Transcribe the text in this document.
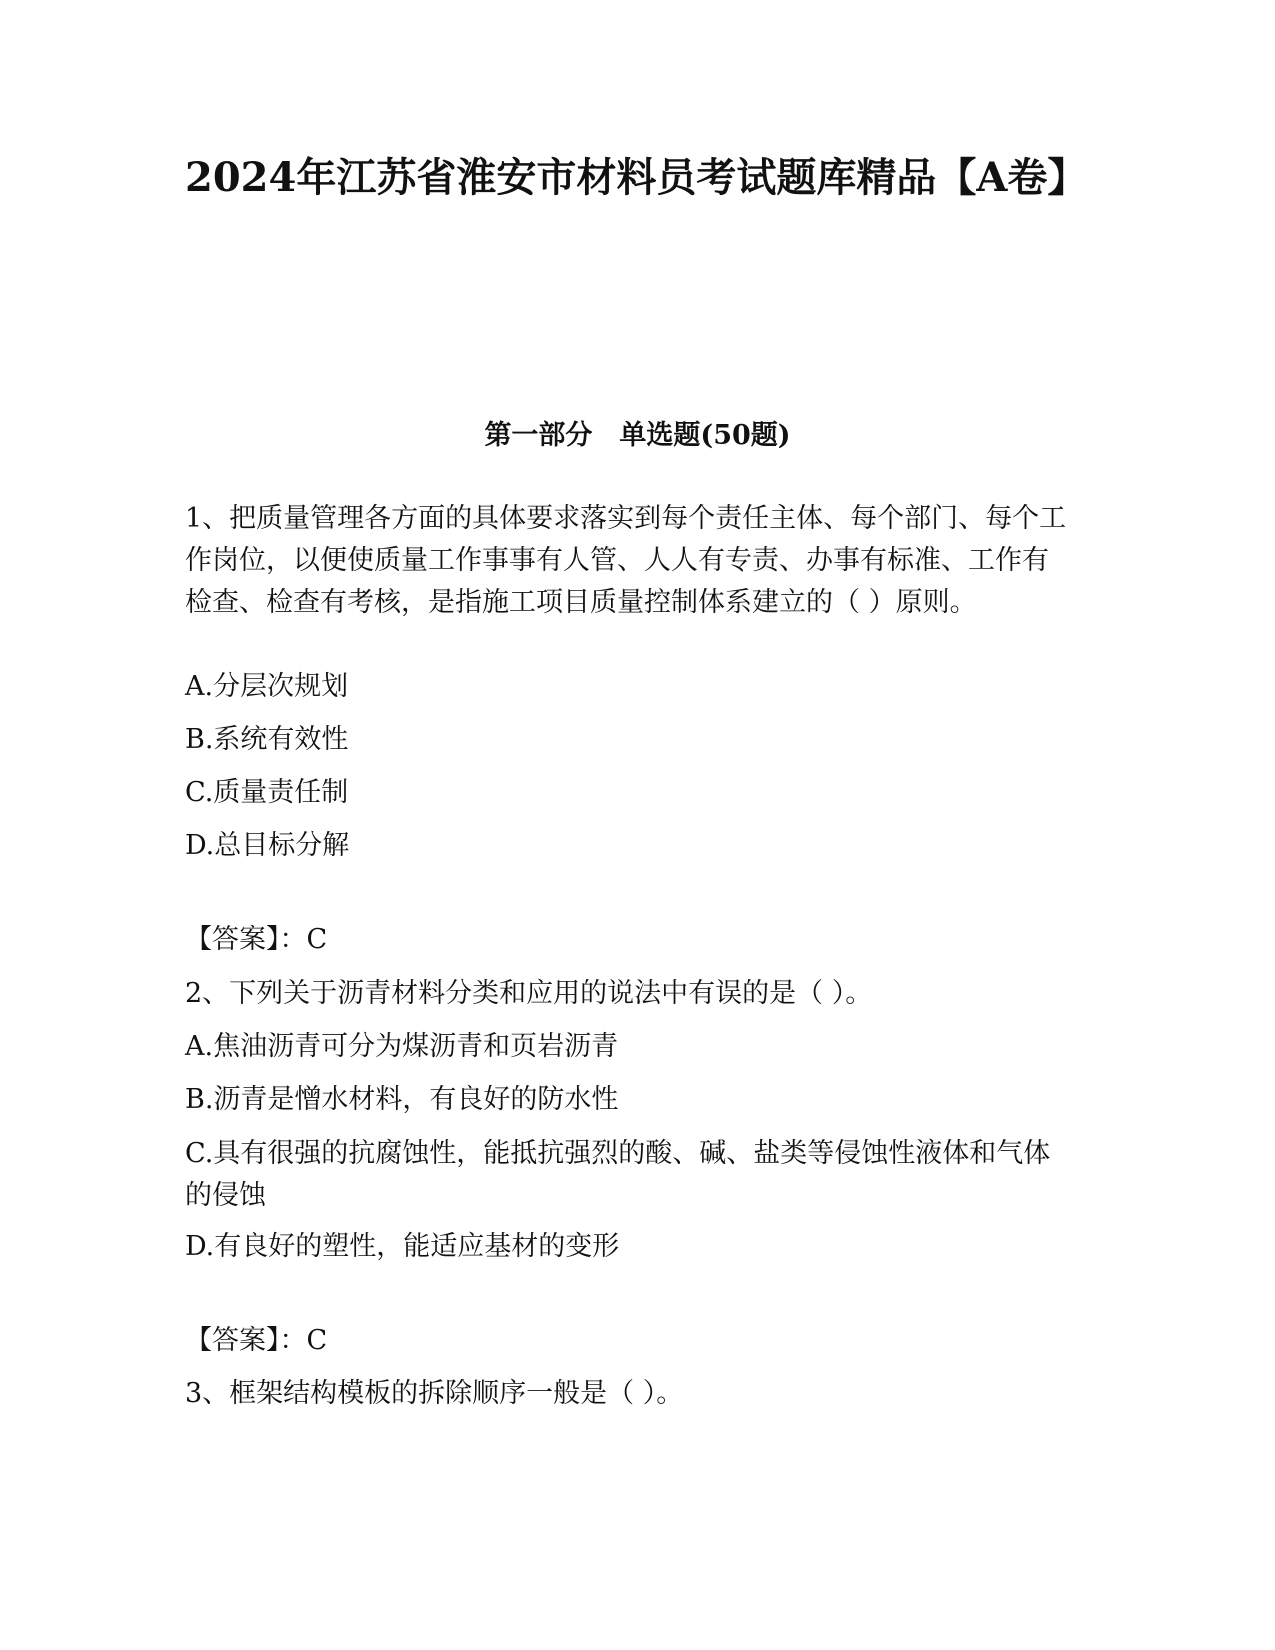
2024年江苏省淮安市材料员考试题库精品【A卷】
第一部分　单选题(50题)

1、把质量管理各方面的具体要求落实到每个责任主体、每个部门、每个工作岗位，以便使质量工作事事有人管、人人有专责、办事有标准、工作有检查、检查有考核，是指施工项目质量控制体系建立的（ ）原则。

A.分层次规划

B.系统有效性

C.质量责任制

D.总目标分解

【答案】：C

2、下列关于沥青材料分类和应用的说法中有误的是（ ）。

A.焦油沥青可分为煤沥青和页岩沥青

B.沥青是憎水材料，有良好的防水性

C.具有很强的抗腐蚀性，能抵抗强烈的酸、碱、盐类等侵蚀性液体和气体的侵蚀

D.有良好的塑性，能适应基材的变形

【答案】：C

3、框架结构模板的拆除顺序一般是（ ）。
